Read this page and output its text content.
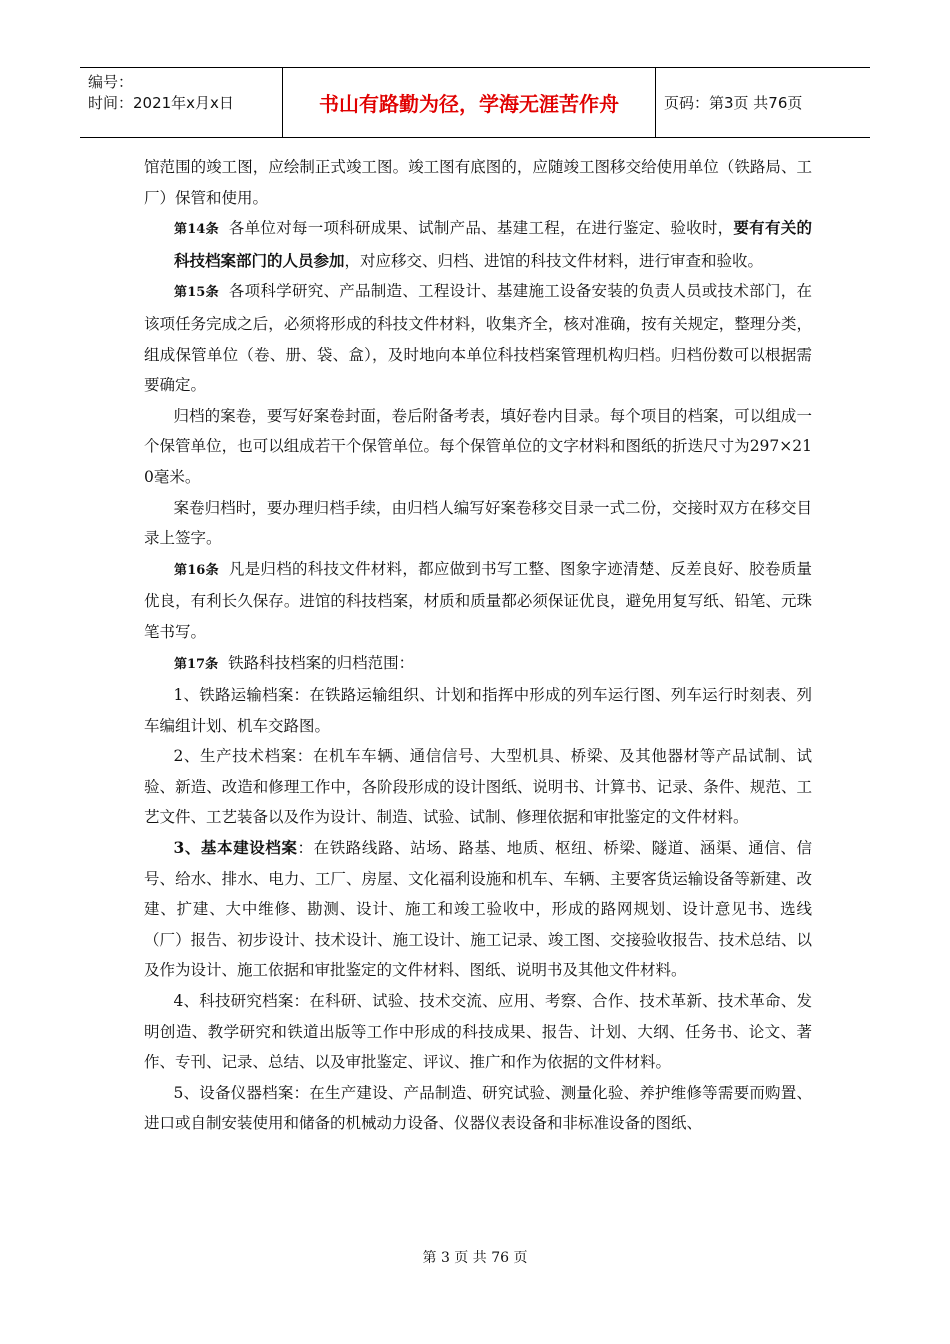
编号：
时间：2021年x月x日	书山有路勤为径，学海无涯苦作舟	页码：第3页 共76页

馆范围的竣工图，应绘制正式竣工图。竣工图有底图的，应随竣工图移交给使用单位（铁路局、工厂）保管和使用。

第14条 各单位对每一项科研成果、试制产品、基建工程，在进行鉴定、验收时，要有有关的科技档案部门的人员参加，对应移交、归档、进馆的科技文件材料，进行审查和验收。

第15条 各项科学研究、产品制造、工程设计、基建施工设备安装的负责人员或技术部门，在该项任务完成之后，必须将形成的科技文件材料，收集齐全，核对准确，按有关规定，整理分类，组成保管单位（卷、册、袋、盒），及时地向本单位科技档案管理机构归档。归档份数可以根据需要确定。

归档的案卷，要写好案卷封面，卷后附备考表，填好卷内目录。每个项目的档案，可以组成一个保管单位，也可以组成若干个保管单位。每个保管单位的文字材料和图纸的折迭尺寸为297×210毫米。

案卷归档时，要办理归档手续，由归档人编写好案卷移交目录一式二份，交接时双方在移交目录上签字。

第16条 凡是归档的科技文件材料，都应做到书写工整、图象字迹清楚、反差良好、胶卷质量优良，有利长久保存。进馆的科技档案，材质和质量都必须保证优良，避免用复写纸、铅笔、元珠笔书写。

第17条 铁路科技档案的归档范围：

1、铁路运输档案：在铁路运输组织、计划和指挥中形成的列车运行图、列车运行时刻表、列车编组计划、机车交路图。

2、生产技术档案：在机车车辆、通信信号、大型机具、桥梁、及其他器材等产品试制、试验、新造、改造和修理工作中，各阶段形成的设计图纸、说明书、计算书、记录、条件、规范、工艺文件、工艺装备以及作为设计、制造、试验、试制、修理依据和审批鉴定的文件材料。

3、基本建设档案：在铁路线路、站场、路基、地质、枢纽、桥梁、隧道、涵渠、通信、信号、给水、排水、电力、工厂、房屋、文化福利设施和机车、车辆、主要客货运输设备等新建、改建、扩建、大中维修、勘测、设计、施工和竣工验收中，形成的路网规划、设计意见书、选线（厂）报告、初步设计、技术设计、施工设计、施工记录、竣工图、交接验收报告、技术总结、以及作为设计、施工依据和审批鉴定的文件材料、图纸、说明书及其他文件材料。

4、科技研究档案：在科研、试验、技术交流、应用、考察、合作、技术革新、技术革命、发明创造、教学研究和铁道出版等工作中形成的科技成果、报告、计划、大纲、任务书、论文、著作、专刊、记录、总结、以及审批鉴定、评议、推广和作为依据的文件材料。

5、设备仪器档案：在生产建设、产品制造、研究试验、测量化验、养护维修等需要而购置、进口或自制安装使用和储备的机械动力设备、仪器仪表设备和非标准设备的图纸、

第 3 页 共 76 页
